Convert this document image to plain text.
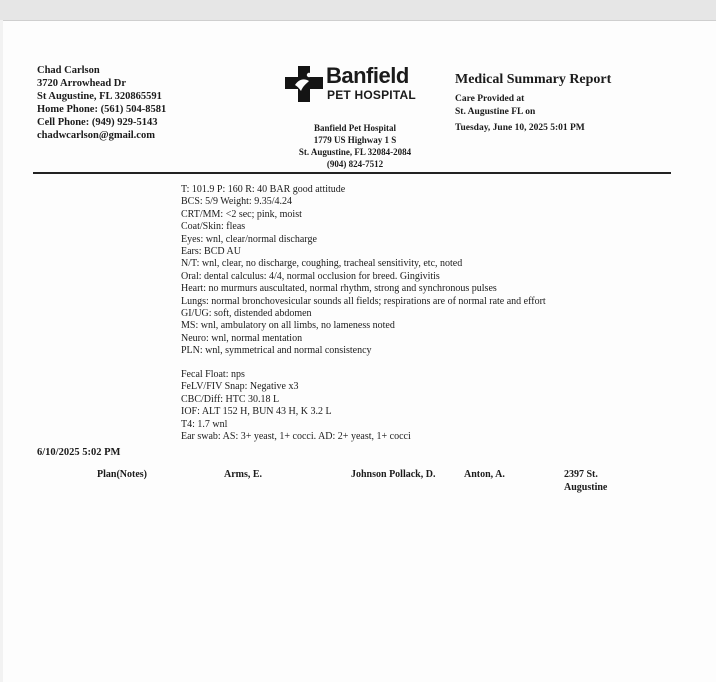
Chad Carlson
3720 Arrowhead Dr
St Augustine, FL 320865591
Home Phone: (561) 504-8581
Cell Phone: (949) 929-5143
chadwcarlson@gmail.com
Banfield
PET HOSPITAL
Banfield Pet Hospital
1779 US Highway 1 S
St. Augustine, FL 32084-2084
(904) 824-7512
Medical Summary Report
Care Provided at
St. Augustine FL on
Tuesday, June 10, 2025 5:01 PM
T: 101.9 P: 160 R: 40 BAR good attitude
BCS: 5/9 Weight: 9.35/4.24
CRT/MM: <2 sec; pink, moist
Coat/Skin: fleas
Eyes: wnl, clear/normal discharge
Ears: BCD AU
N/T: wnl, clear, no discharge, coughing, tracheal sensitivity, etc, noted
Oral: dental calculus: 4/4, normal occlusion for breed. Gingivitis
Heart: no murmurs auscultated, normal rhythm, strong and synchronous pulses
Lungs: normal bronchovesicular sounds all fields; respirations are of normal rate and effort
GI/UG: soft, distended abdomen
MS: wnl, ambulatory on all limbs, no lameness noted
Neuro: wnl, normal mentation
PLN: wnl, symmetrical and normal consistency
Fecal Float: nps
FeLV/FIV Snap: Negative x3
CBC/Diff: HTC 30.18 L
IOF: ALT 152 H, BUN 43 H, K 3.2 L
T4: 1.7 wnl
Ear swab: AS: 3+ yeast, 1+ cocci. AD: 2+ yeast, 1+ cocci
6/10/2025 5:02 PM
Plan(Notes)	Arms, E.	Johnson Pollack, D.	Anton, A.	2397 St.
Augustine
